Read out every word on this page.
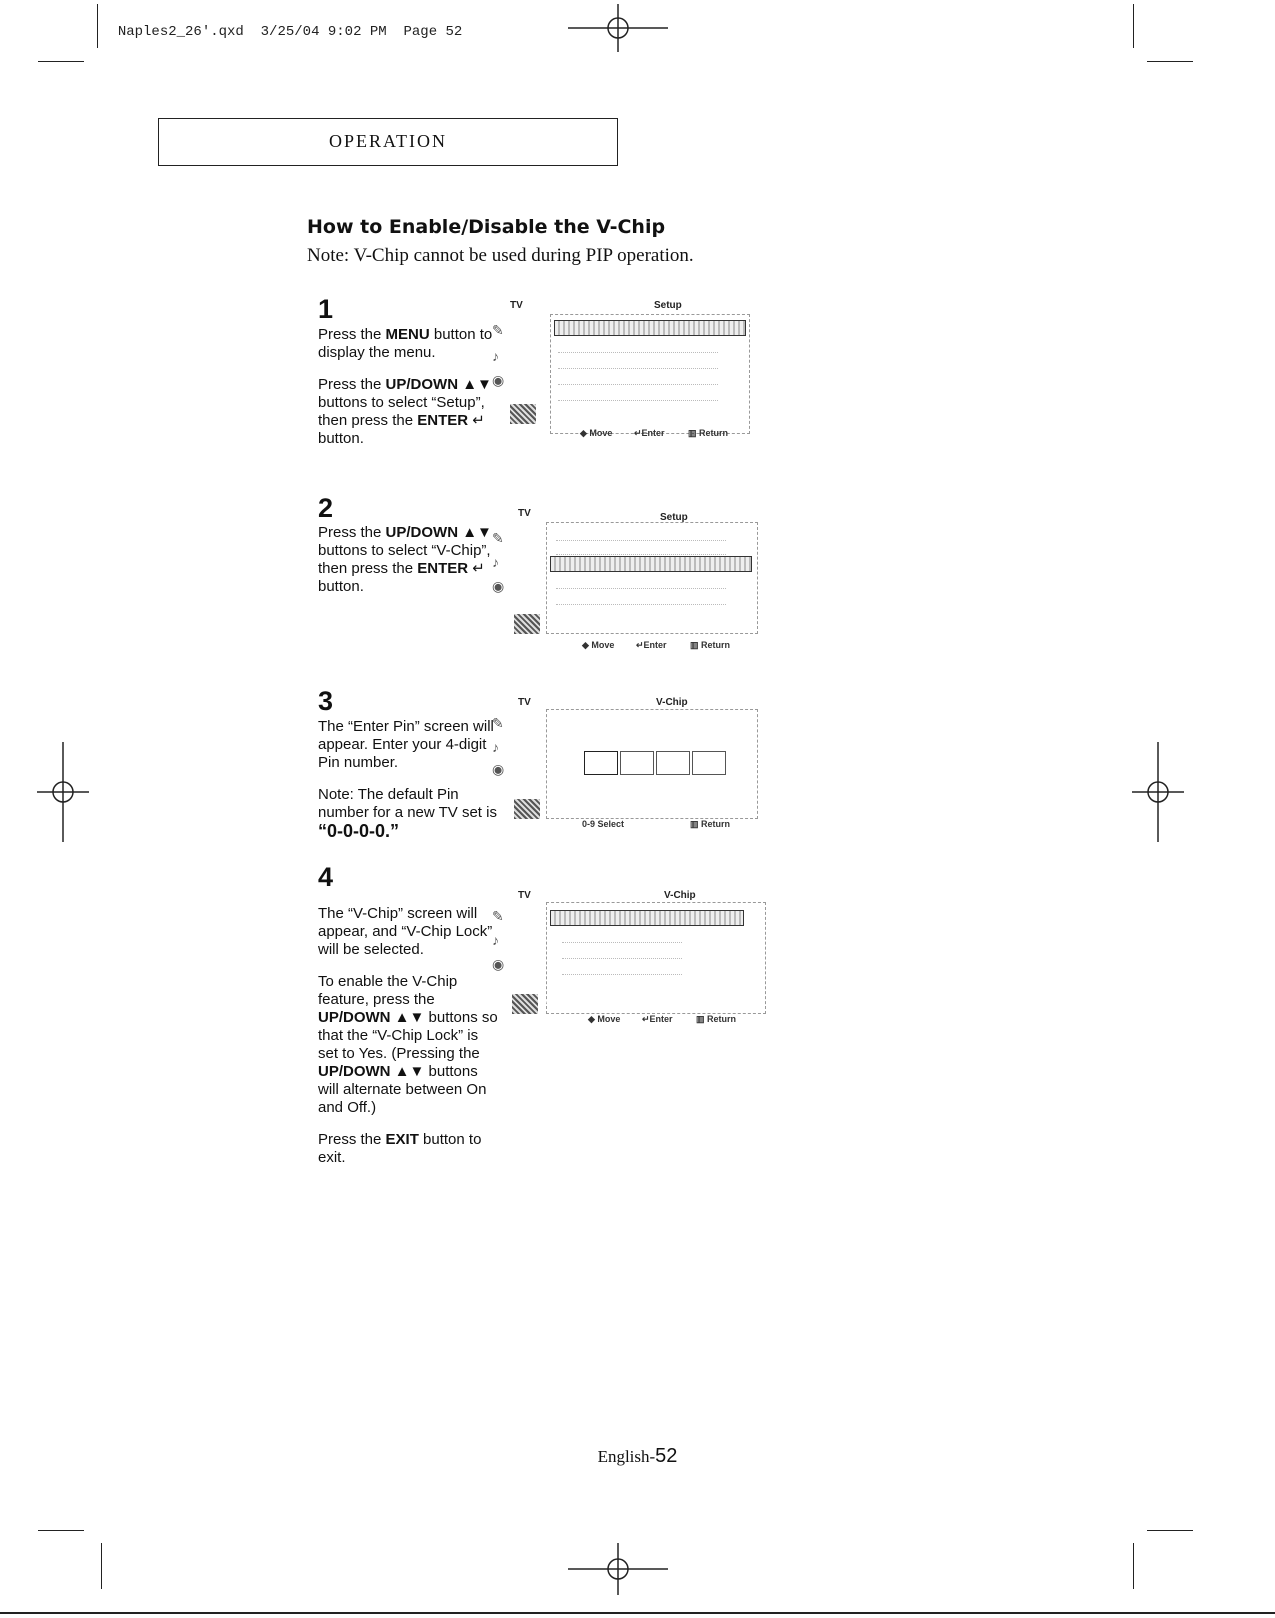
Naples2_26'.qxd 3/25/04 9:02 PM Page 52

OPERATION
How to Enable/Disable the V-Chip
Note: V-Chip cannot be used during PIP operation.
1

Press the MENU button to display the menu.

Press the UP/DOWN ▲▼ buttons to select “Setup”, then press the ENTER ↵ button.

TV	Setup
✎
♪
◉
◆ Move ↵Enter	▥ Return
2

Press the UP/DOWN ▲▼ buttons to select “V-Chip”, then press the ENTER ↵ button.

TV	Setup
✎
♪
◉
◆ Move ↵Enter	▥ Return
3

The “Enter Pin” screen will appear. Enter your 4-digit Pin number.

Note: The default Pin number for a new TV set is “0-0-0-0.”

TV	V-Chip
✎
♪
◉
0-9 Select	▥ Return
4

The “V-Chip” screen will appear, and “V-Chip Lock” will be selected.

To enable the V-Chip feature, press the UP/DOWN ▲▼ buttons so that the “V-Chip Lock” is set to Yes. (Pressing the UP/DOWN ▲▼ buttons will alternate between On and Off.)

Press the EXIT button to exit.

TV	V-Chip
✎
♪
◉
◆ Move ↵Enter	▥ Return
Setup
Setup
English-52
